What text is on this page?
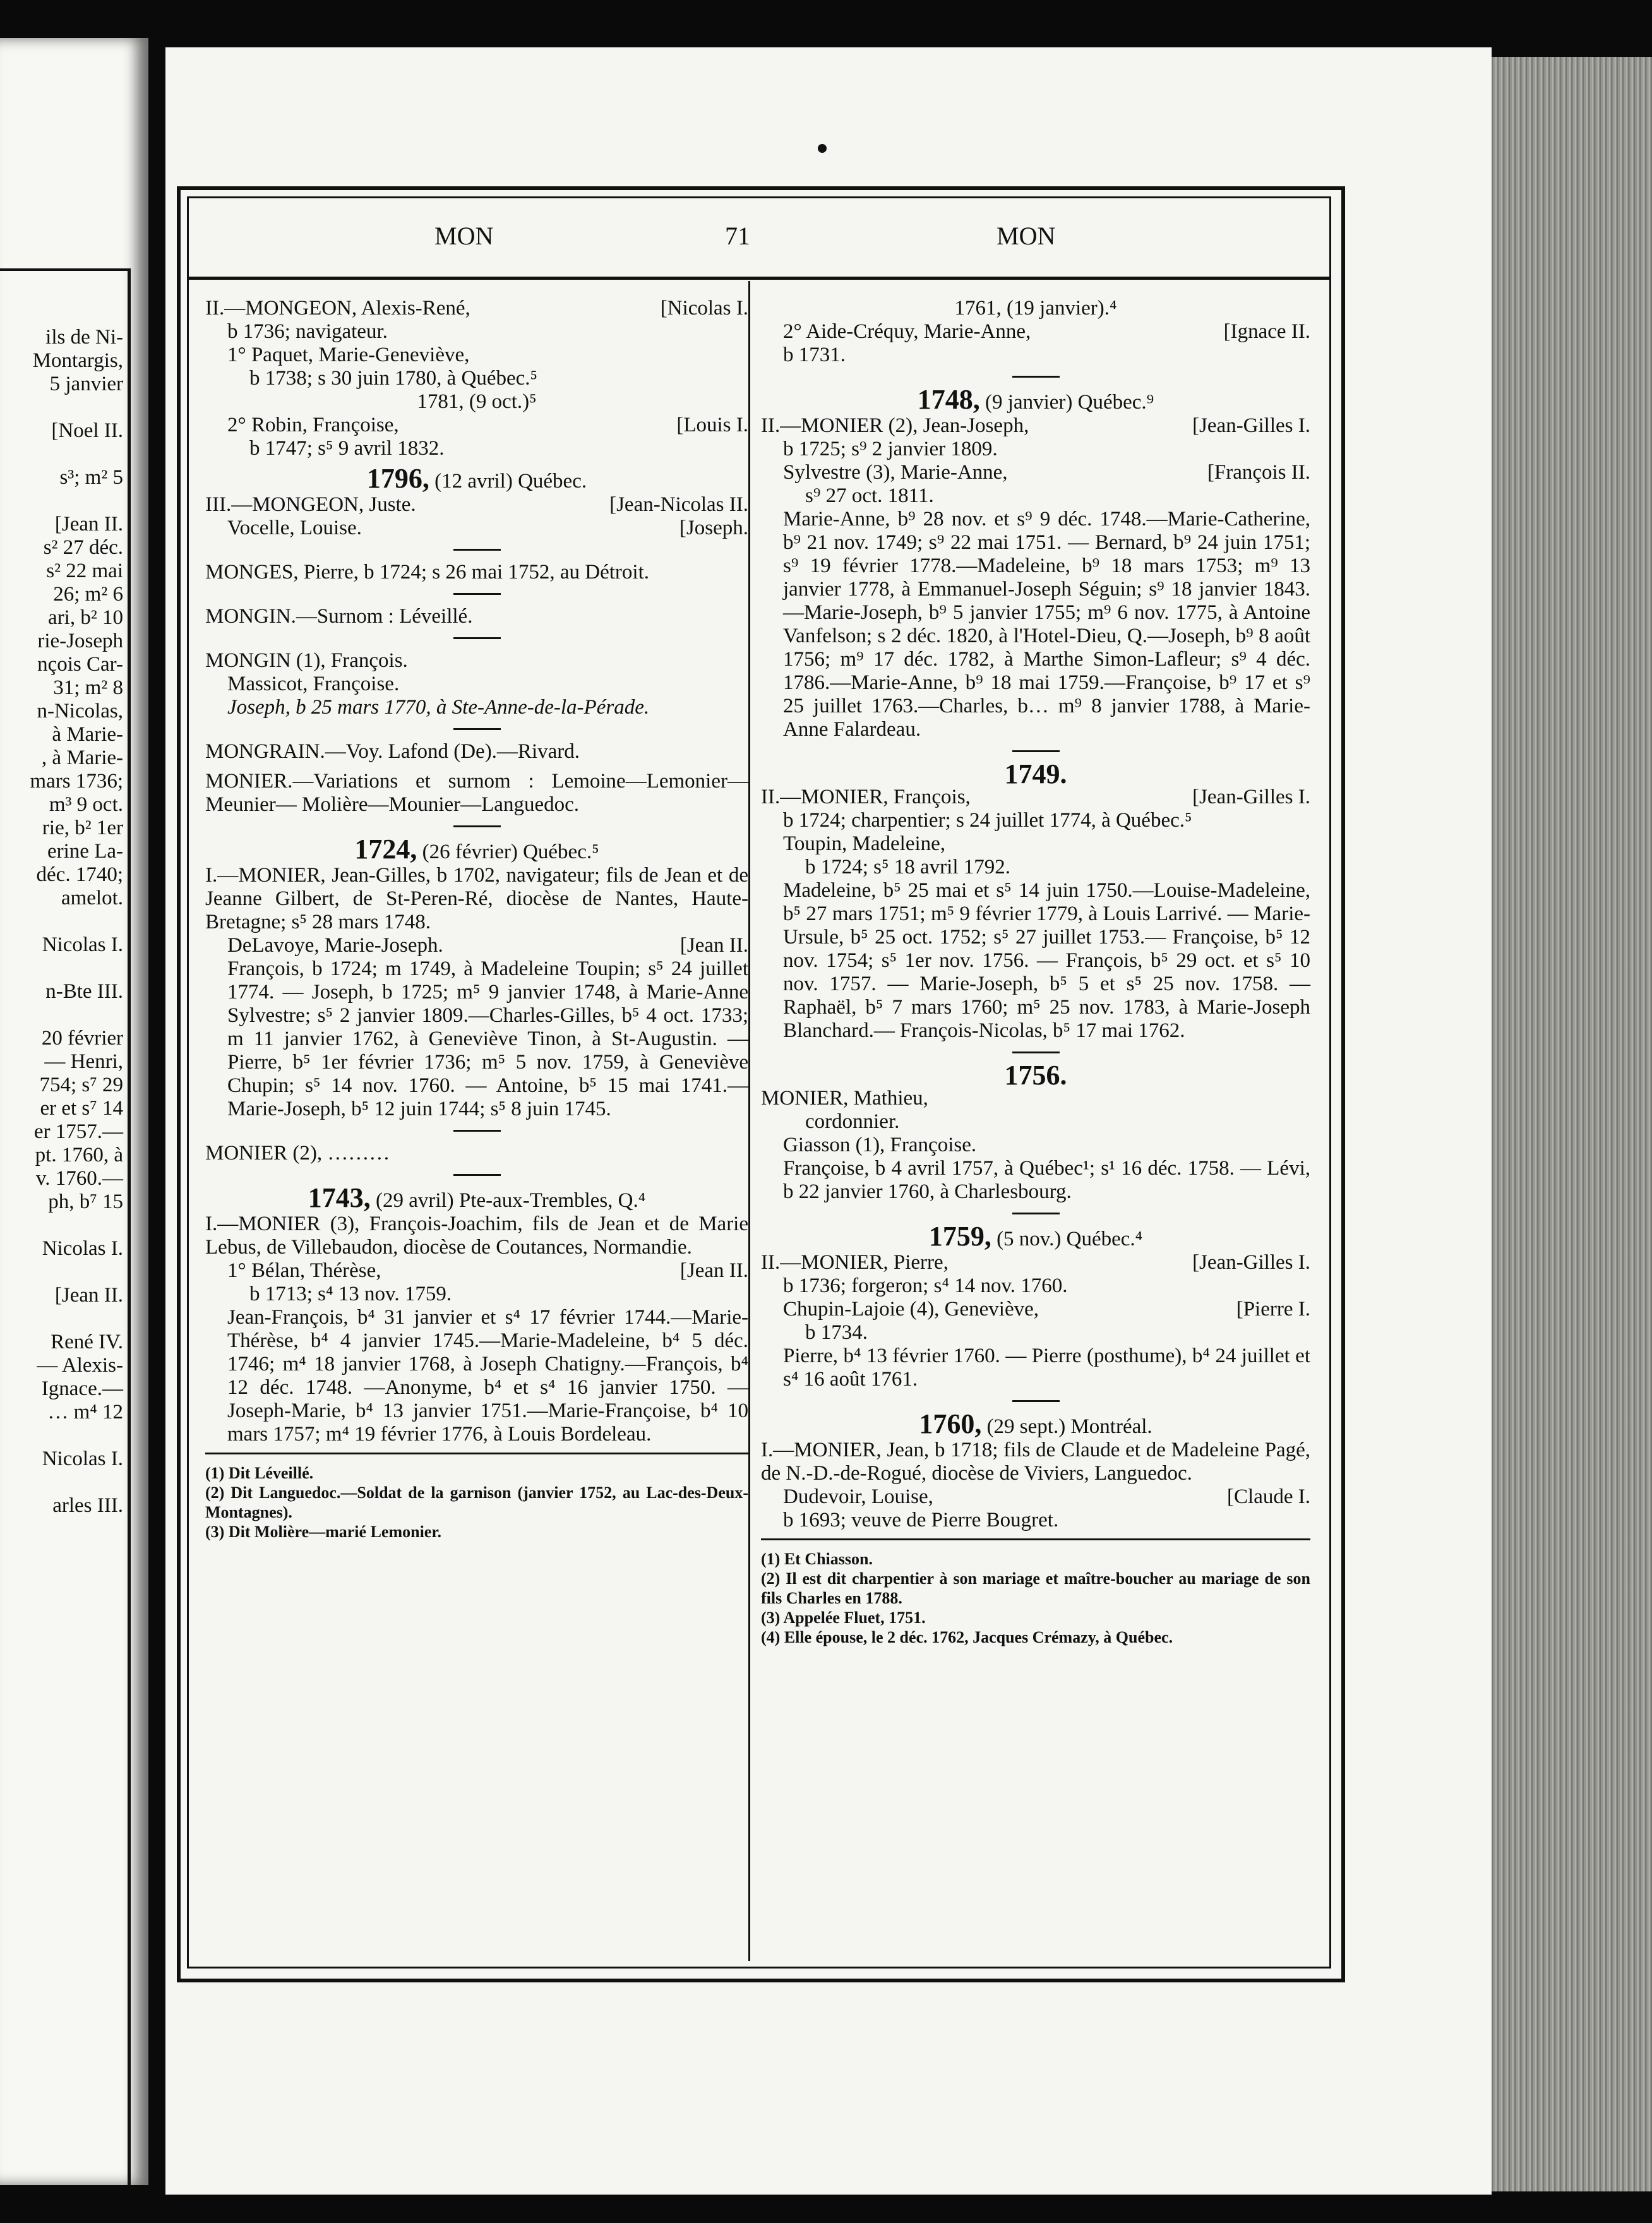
ils de Ni-
Montargis,
5 janvier
[Noel II.
s³; m² 5
[Jean II.
s² 27 déc.
s² 22 mai
26; m² 6
ari, b² 10
rie-Joseph
nçois Car-
31; m² 8
n-Nicolas,
à Marie-
, à Marie-
mars 1736;
m³ 9 oct.
rie, b² 1er
erine La-
déc. 1740;
amelot.
Nicolas I.
n-Bte III.
20 février
— Henri,
754; s⁷ 29
er et s⁷ 14
er 1757.—
pt. 1760, à
v. 1760.—
ph, b⁷ 15
Nicolas I.
[Jean II.
René IV.
— Alexis-
Ignace.—
… m⁴ 12
Nicolas I.
arles III.
MON	71	MON

[Nicolas I.
II.—MONGEON, Alexis-René,

b 1736; navigateur.

1° Paquet, Marie-Geneviève,

b 1738; s 30 juin 1780, à Québec.⁵

1781, (9 oct.)⁵

[Louis I.
2° Robin, Françoise,

b 1747; s⁵ 9 avril 1832.

1796, (12 avril) Québec.

[Jean-Nicolas II.
III.—MONGEON, Juste.

[Joseph.
Vocelle, Louise.

MONGES, Pierre, b 1724; s 26 mai 1752, au Détroit.

MONGIN.—Surnom : Léveillé.

MONGIN (1), François.

Massicot, Françoise.

Joseph, b 25 mars 1770, à Ste-Anne-de-la-Pérade.

MONGRAIN.—Voy. Lafond (De).—Rivard.

MONIER.—Variations et surnom : Lemoine—Lemonier—Meunier— Molière—Mounier—Languedoc.

1724, (26 février) Québec.⁵

I.—MONIER, Jean-Gilles, b 1702, navigateur; fils de Jean et de Jeanne Gilbert, de St-Peren-Ré, diocèse de Nantes, Haute-Bretagne; s⁵ 28 mars 1748.

[Jean II.
DeLavoye, Marie-Joseph.

François, b 1724; m 1749, à Madeleine Toupin; s⁵ 24 juillet 1774. — Joseph, b 1725; m⁵ 9 janvier 1748, à Marie-Anne Sylvestre; s⁵ 2 janvier 1809.—Charles-Gilles, b⁵ 4 oct. 1733; m 11 janvier 1762, à Geneviève Tinon, à St-Augustin. —Pierre, b⁵ 1er février 1736; m⁵ 5 nov. 1759, à Geneviève Chupin; s⁵ 14 nov. 1760. — Antoine, b⁵ 15 mai 1741.—Marie-Joseph, b⁵ 12 juin 1744; s⁵ 8 juin 1745.

MONIER (2), ………

1743, (29 avril) Pte-aux-Trembles, Q.⁴

I.—MONIER (3), François-Joachim, fils de Jean et de Marie Lebus, de Villebaudon, diocèse de Coutances, Normandie.

[Jean II.
1° Bélan, Thérèse,

b 1713; s⁴ 13 nov. 1759.

Jean-François, b⁴ 31 janvier et s⁴ 17 février 1744.—Marie-Thérèse, b⁴ 4 janvier 1745.—Marie-Madeleine, b⁴ 5 déc. 1746; m⁴ 18 janvier 1768, à Joseph Chatigny.—François, b⁴ 12 déc. 1748. —Anonyme, b⁴ et s⁴ 16 janvier 1750. — Joseph-Marie, b⁴ 13 janvier 1751.—Marie-Françoise, b⁴ 10 mars 1757; m⁴ 19 février 1776, à Louis Bordeleau.

(1) Dit Léveillé.

(2) Dit Languedoc.—Soldat de la garnison (janvier 1752, au Lac-des-Deux-Montagnes).

(3) Dit Molière—marié Lemonier.

1761, (19 janvier).⁴

[Ignace II.
2° Aide-Créquy, Marie-Anne,

b 1731.

1748, (9 janvier) Québec.⁹

[Jean-Gilles I.
II.—MONIER (2), Jean-Joseph,

b 1725; s⁹ 2 janvier 1809.

[François II.
Sylvestre (3), Marie-Anne,

s⁹ 27 oct. 1811.

Marie-Anne, b⁹ 28 nov. et s⁹ 9 déc. 1748.—Marie-Catherine, b⁹ 21 nov. 1749; s⁹ 22 mai 1751. — Bernard, b⁹ 24 juin 1751; s⁹ 19 février 1778.—Madeleine, b⁹ 18 mars 1753; m⁹ 13 janvier 1778, à Emmanuel-Joseph Séguin; s⁹ 18 janvier 1843.—Marie-Joseph, b⁹ 5 janvier 1755; m⁹ 6 nov. 1775, à Antoine Vanfelson; s 2 déc. 1820, à l'Hotel-Dieu, Q.—Joseph, b⁹ 8 août 1756; m⁹ 17 déc. 1782, à Marthe Simon-Lafleur; s⁹ 4 déc. 1786.—Marie-Anne, b⁹ 18 mai 1759.—Françoise, b⁹ 17 et s⁹ 25 juillet 1763.—Charles, b… m⁹ 8 janvier 1788, à Marie-Anne Falardeau.

1749.

[Jean-Gilles I.
II.—MONIER, François,

b 1724; charpentier; s 24 juillet 1774, à Québec.⁵

Toupin, Madeleine,

b 1724; s⁵ 18 avril 1792.

Madeleine, b⁵ 25 mai et s⁵ 14 juin 1750.—Louise-Madeleine, b⁵ 27 mars 1751; m⁵ 9 février 1779, à Louis Larrivé. — Marie-Ursule, b⁵ 25 oct. 1752; s⁵ 27 juillet 1753.— Françoise, b⁵ 12 nov. 1754; s⁵ 1er nov. 1756. — François, b⁵ 29 oct. et s⁵ 10 nov. 1757. — Marie-Joseph, b⁵ 5 et s⁵ 25 nov. 1758. — Raphaël, b⁵ 7 mars 1760; m⁵ 25 nov. 1783, à Marie-Joseph Blanchard.— François-Nicolas, b⁵ 17 mai 1762.

1756.

MONIER, Mathieu,

cordonnier.

Giasson (1), Françoise.

Françoise, b 4 avril 1757, à Québec¹; s¹ 16 déc. 1758. — Lévi, b 22 janvier 1760, à Charlesbourg.

1759, (5 nov.) Québec.⁴

[Jean-Gilles I.
II.—MONIER, Pierre,

b 1736; forgeron; s⁴ 14 nov. 1760.

[Pierre I.
Chupin-Lajoie (4), Geneviève,

b 1734.

Pierre, b⁴ 13 février 1760. — Pierre (posthume), b⁴ 24 juillet et s⁴ 16 août 1761.

1760, (29 sept.) Montréal.

I.—MONIER, Jean, b 1718; fils de Claude et de Madeleine Pagé, de N.-D.-de-Rogué, diocèse de Viviers, Languedoc.

[Claude I.
Dudevoir, Louise,

b 1693; veuve de Pierre Bougret.

(1) Et Chiasson.

(2) Il est dit charpentier à son mariage et maître-boucher au mariage de son fils Charles en 1788.

(3) Appelée Fluet, 1751.

(4) Elle épouse, le 2 déc. 1762, Jacques Crémazy, à Québec.
